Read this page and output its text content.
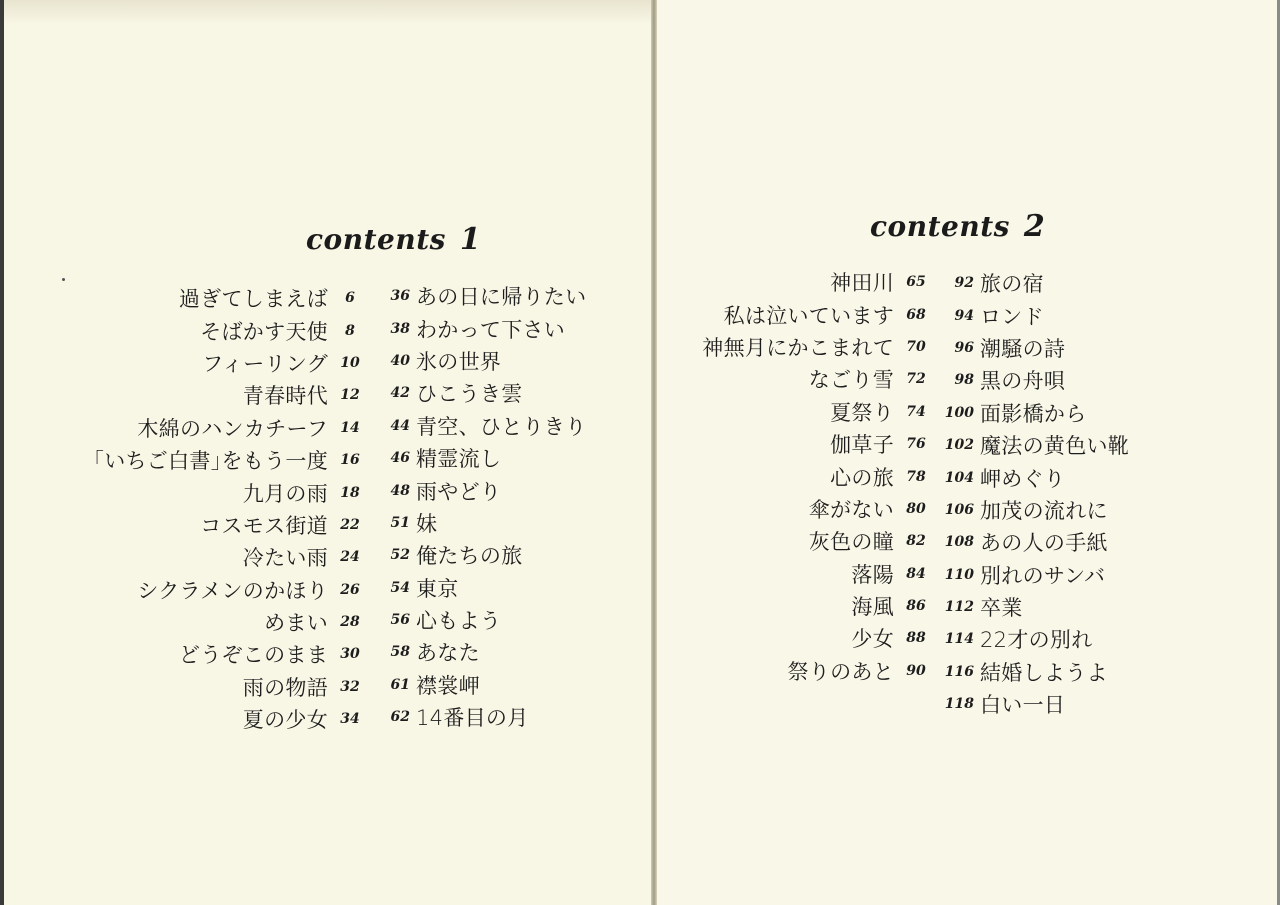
contents 1
6
過ぎてしまえば
8
そばかす天使
10
フィーリング
12
青春時代
14
木綿のハンカチーフ
16
｢いちご白書｣をもう一度
18
九月の雨
22
コスモス街道
24
冷たい雨
26
シクラメンのかほり
28
めまい
30
どうぞこのまま
32
雨の物語
34
夏の少女
36 あの日に帰りたい
38 わかって下さい
40 氷の世界
42 ひこうき雲
44 青空、ひとりきり
46 精霊流し
48 雨やどり
51 妹
52 俺たちの旅
54 東京
56 心もよう
58 あなた
61 襟裳岬
62 14番目の月
contents 2
65
神田川
68
私は泣いています
70
神無月にかこまれて
72
なごり雪
74
夏祭り
76
伽草子
78
心の旅
80
傘がない
82
灰色の瞳
84
落陽
86
海風
88
少女
90
祭りのあと
92 旅の宿
94 ロンド
96 潮騒の詩
98 黒の舟唄
100 面影橋から
102 魔法の黄色い靴
104 岬めぐり
106 加茂の流れに
108 あの人の手紙
110 別れのサンバ
112 卒業
114 22才の別れ
116 結婚しようよ
118 白い一日
